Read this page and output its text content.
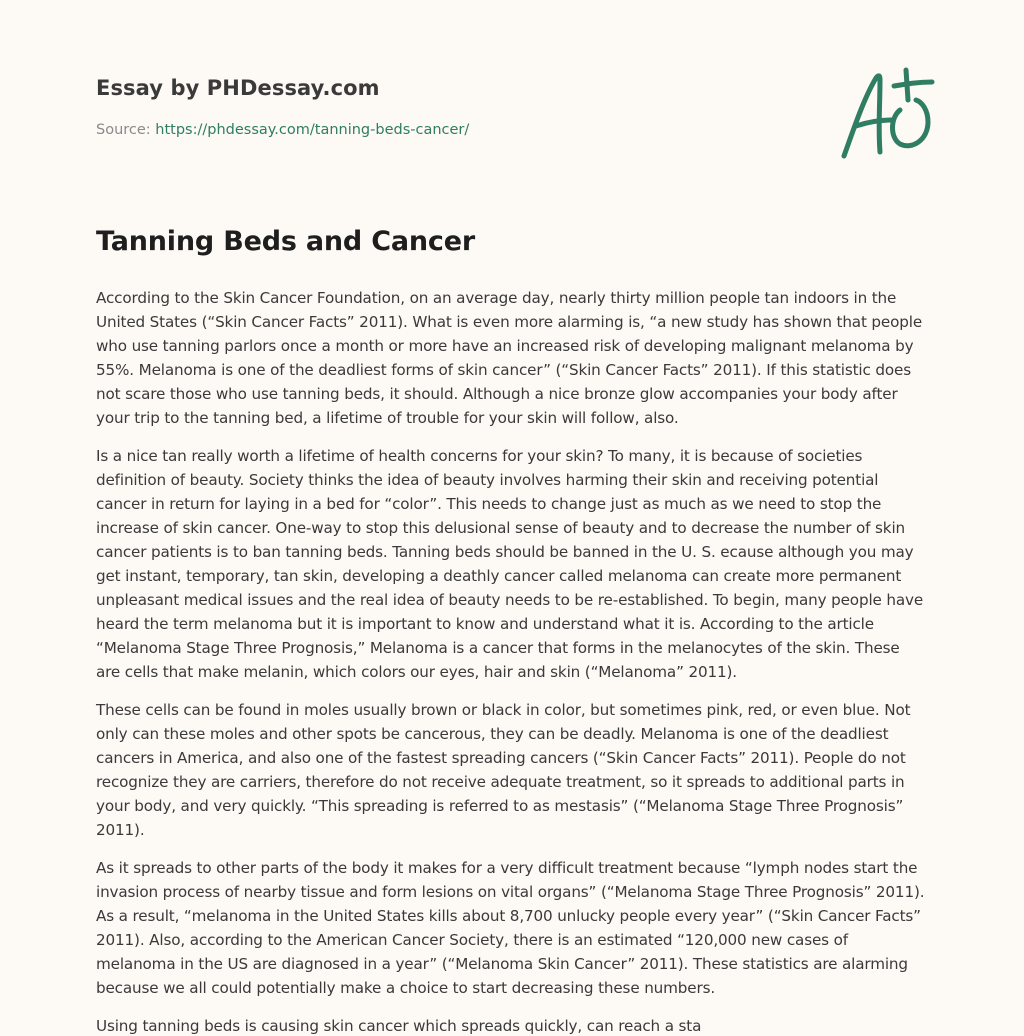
Essay by PHDessay.com
Source: https://phdessay.com/tanning-beds-cancer/
Tanning Beds and Cancer

According to the Skin Cancer Foundation, on an average day, nearly thirty million people tan indoors in the United States (“Skin Cancer Facts” 2011). What is even more alarming is, “a new study has shown that people who use tanning parlors once a month or more have an increased risk of developing malignant melanoma by 55%. Melanoma is one of the deadliest forms of skin cancer” (“Skin Cancer Facts” 2011). If this statistic does not scare those who use tanning beds, it should. Although a nice bronze glow accompanies your body after your trip to the tanning bed, a lifetime of trouble for your skin will follow, also.

Is a nice tan really worth a lifetime of health concerns for your skin? To many, it is because of societies definition of beauty. Society thinks the idea of beauty involves harming their skin and receiving potential cancer in return for laying in a bed for “color”. This needs to change just as much as we need to stop the increase of skin cancer. One-way to stop this delusional sense of beauty and to decrease the number of skin cancer patients is to ban tanning beds. Tanning beds should be banned in the U. S. ecause although you may get instant, temporary, tan skin, developing a deathly cancer called melanoma can create more permanent unpleasant medical issues and the real idea of beauty needs to be re-established. To begin, many people have heard the term melanoma but it is important to know and understand what it is. According to the article “Melanoma Stage Three Prognosis,” Melanoma is a cancer that forms in the melanocytes of the skin. These are cells that make melanin, which colors our eyes, hair and skin (“Melanoma” 2011).

These cells can be found in moles usually brown or black in color, but sometimes pink, red, or even blue. Not only can these moles and other spots be cancerous, they can be deadly. Melanoma is one of the deadliest cancers in America, and also one of the fastest spreading cancers (“Skin Cancer Facts” 2011). People do not recognize they are carriers, therefore do not receive adequate treatment, so it spreads to additional parts in your body, and very quickly. “This spreading is referred to as mestasis” (“Melanoma Stage Three Prognosis” 2011).

As it spreads to other parts of the body it makes for a very difficult treatment because “lymph nodes start the invasion process of nearby tissue and form lesions on vital organs” (“Melanoma Stage Three Prognosis” 2011). As a result, “melanoma in the United States kills about 8,700 unlucky people every year” (“Skin Cancer Facts” 2011). Also, according to the American Cancer Society, there is an estimated “120,000 new cases of melanoma in the US are diagnosed in a year” (“Melanoma Skin Cancer” 2011). These statistics are alarming because we all could potentially make a choice to start decreasing these numbers.

Using tanning beds is causing skin cancer which spreads quickly, can reach a sta
